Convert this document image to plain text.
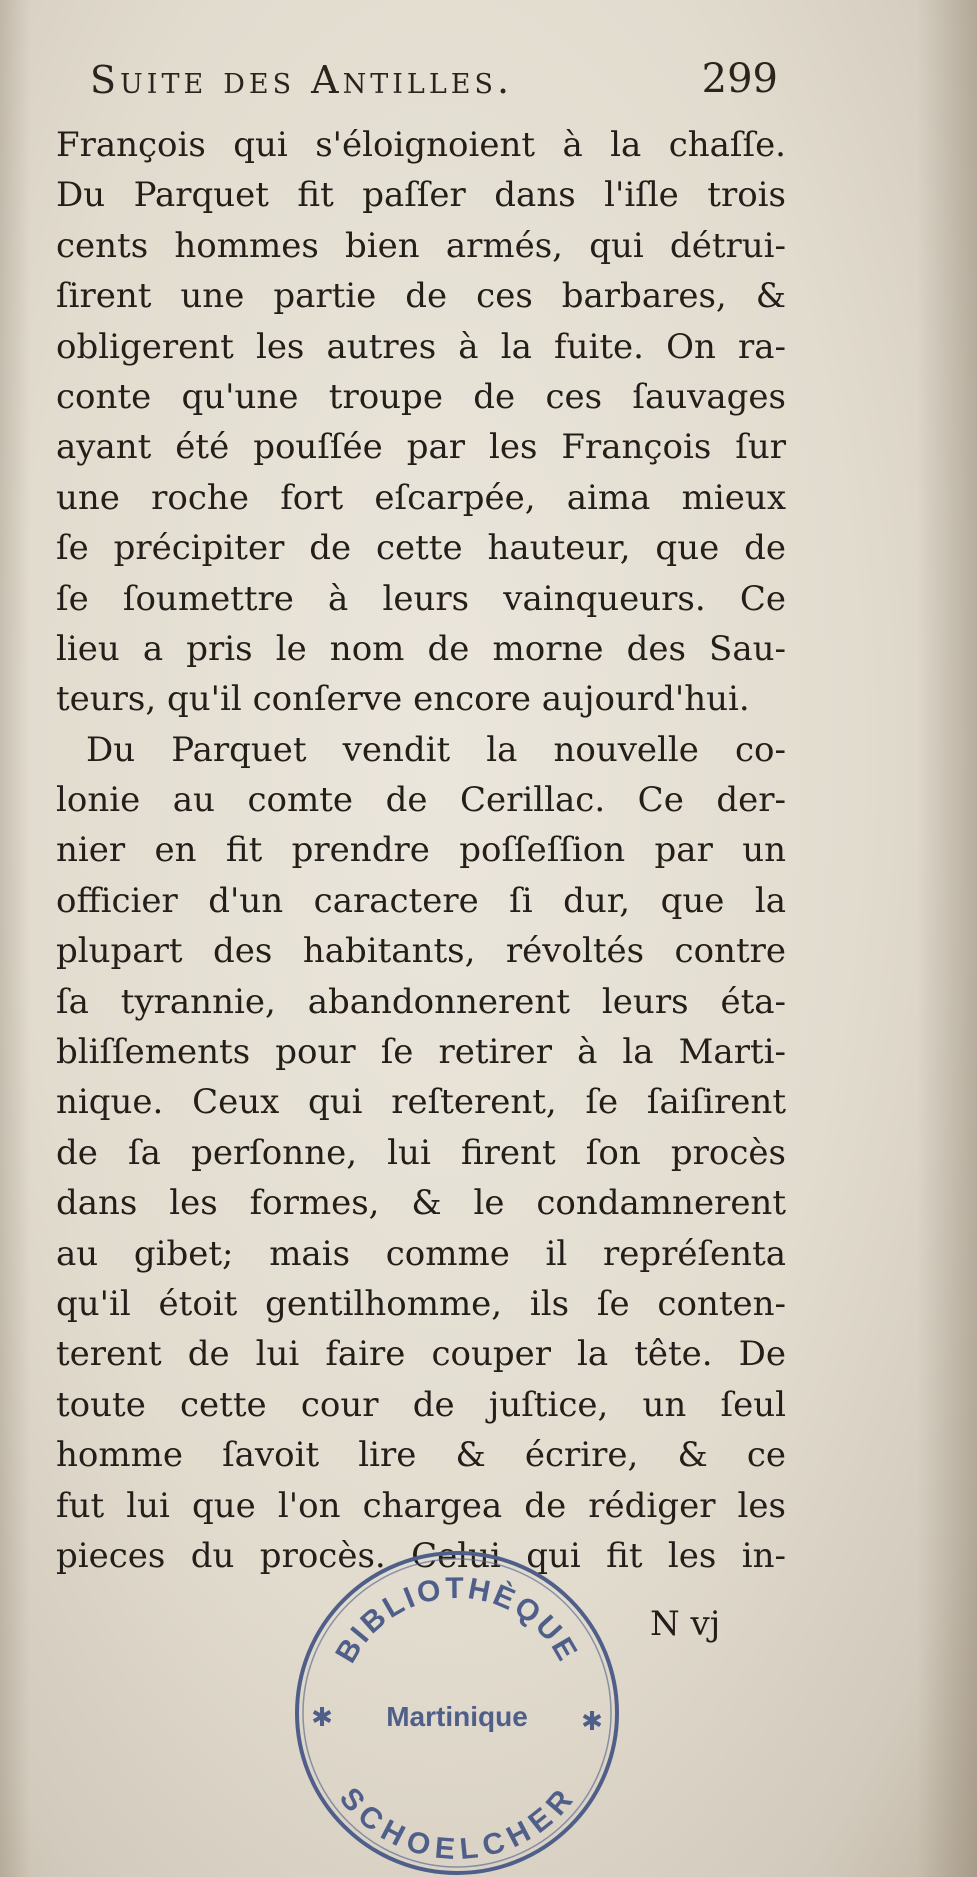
Suite des Antilles.	299
François qui s'éloignoient à la chaſſe.
Du Parquet fit paſſer dans l'iſle trois
cents hommes bien armés, qui détrui-
ſirent une partie de ces barbares, &
obligerent les autres à la fuite. On ra-
conte qu'une troupe de ces ſauvages
ayant été pouſſée par les François ſur
une roche fort eſcarpée, aima mieux
ſe précipiter de cette hauteur, que de
ſe ſoumettre à leurs vainqueurs. Ce
lieu a pris le nom de morne des Sau-
teurs, qu'il conſerve encore aujourd'hui.
Du Parquet vendit la nouvelle co-
lonie au comte de Cerillac. Ce der-
nier en fit prendre poſſeſſion par un
officier d'un caractere ſi dur, que la
plupart des habitants, révoltés contre
ſa tyrannie, abandonnerent leurs éta-
bliſſements pour ſe retirer à la Marti-
nique. Ceux qui reſterent, ſe ſaiſirent
de ſa perſonne, lui firent ſon procès
dans les formes, & le condamnerent
au gibet; mais comme il repréſenta
qu'il étoit gentilhomme, ils ſe conten-
terent de lui faire couper la tête. De
toute cette cour de juſtice, un ſeul
homme ſavoit lire & écrire, & ce
fut lui que l'on chargea de rédiger les
pieces du procès. Celui qui fit les in-
N vj
BIBLIOTHÈQUE
Martinique
✱	✱
SCHOELCHER
